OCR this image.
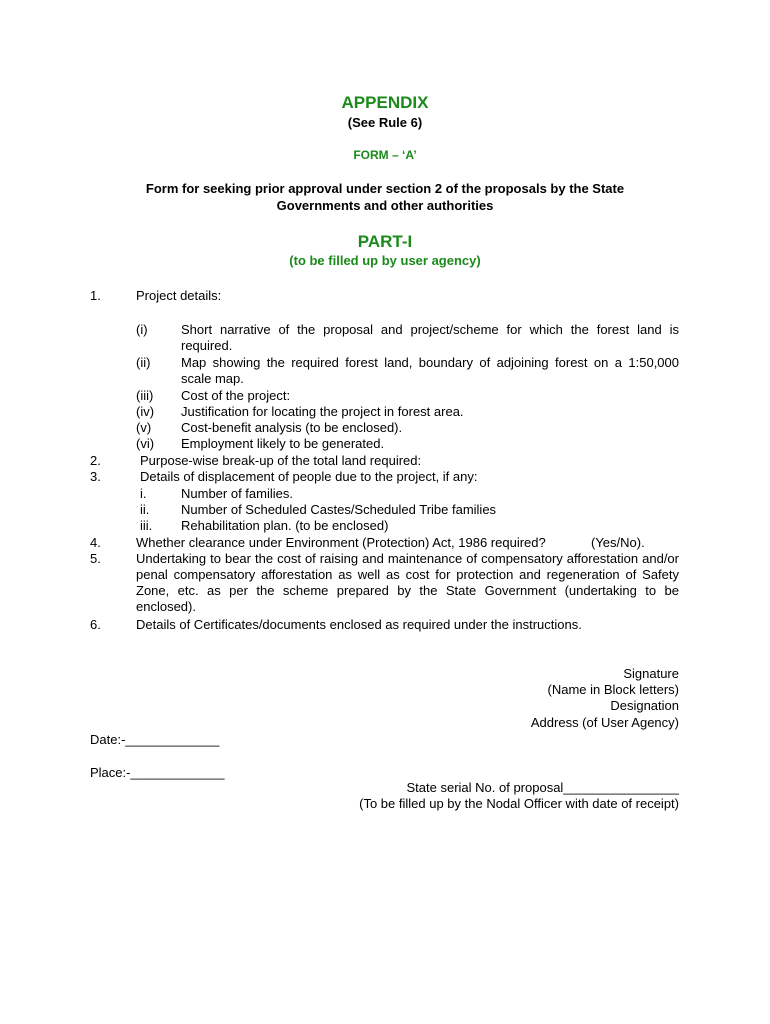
APPENDIX
(See Rule 6)
FORM – ‘A’
Form for seeking prior approval under section 2 of the proposals by the State
Governments and other authorities
PART-I
(to be filled up by user agency)
1.	Project details:
(i)	Short narrative of the proposal and project/scheme for which the forest land is required.
(ii) Map showing the required forest land, boundary of adjoining forest on a 1:50,000 scale map.
(iii) Cost of the project:
(iv) Justification for locating the project in forest area.
(v) Cost-benefit analysis (to be enclosed).
(vi) Employment likely to be generated.
2.	Purpose-wise break-up of the total land required:
3.	Details of displacement of people due to the project, if any:
i.	Number of families.
ii. Number of Scheduled Castes/Scheduled Tribe families
iii. Rehabilitation plan. (to be enclosed)
4.	Whether clearance under Environment (Protection) Act, 1986 required?	(Yes/No).
5.	Undertaking to bear the cost of raising and maintenance of compensatory afforestation and/or penal compensatory afforestation as well as cost for protection and regeneration of Safety Zone, etc. as per the scheme prepared by the State Government (undertaking to be enclosed).
6.	Details of Certificates/documents enclosed as required under the instructions.
Signature
(Name in Block letters)
Designation
Address (of User Agency)
Date:-_____________
Place:-_____________
State serial No. of proposal________________
(To be filled up by the Nodal Officer with date of receipt)
